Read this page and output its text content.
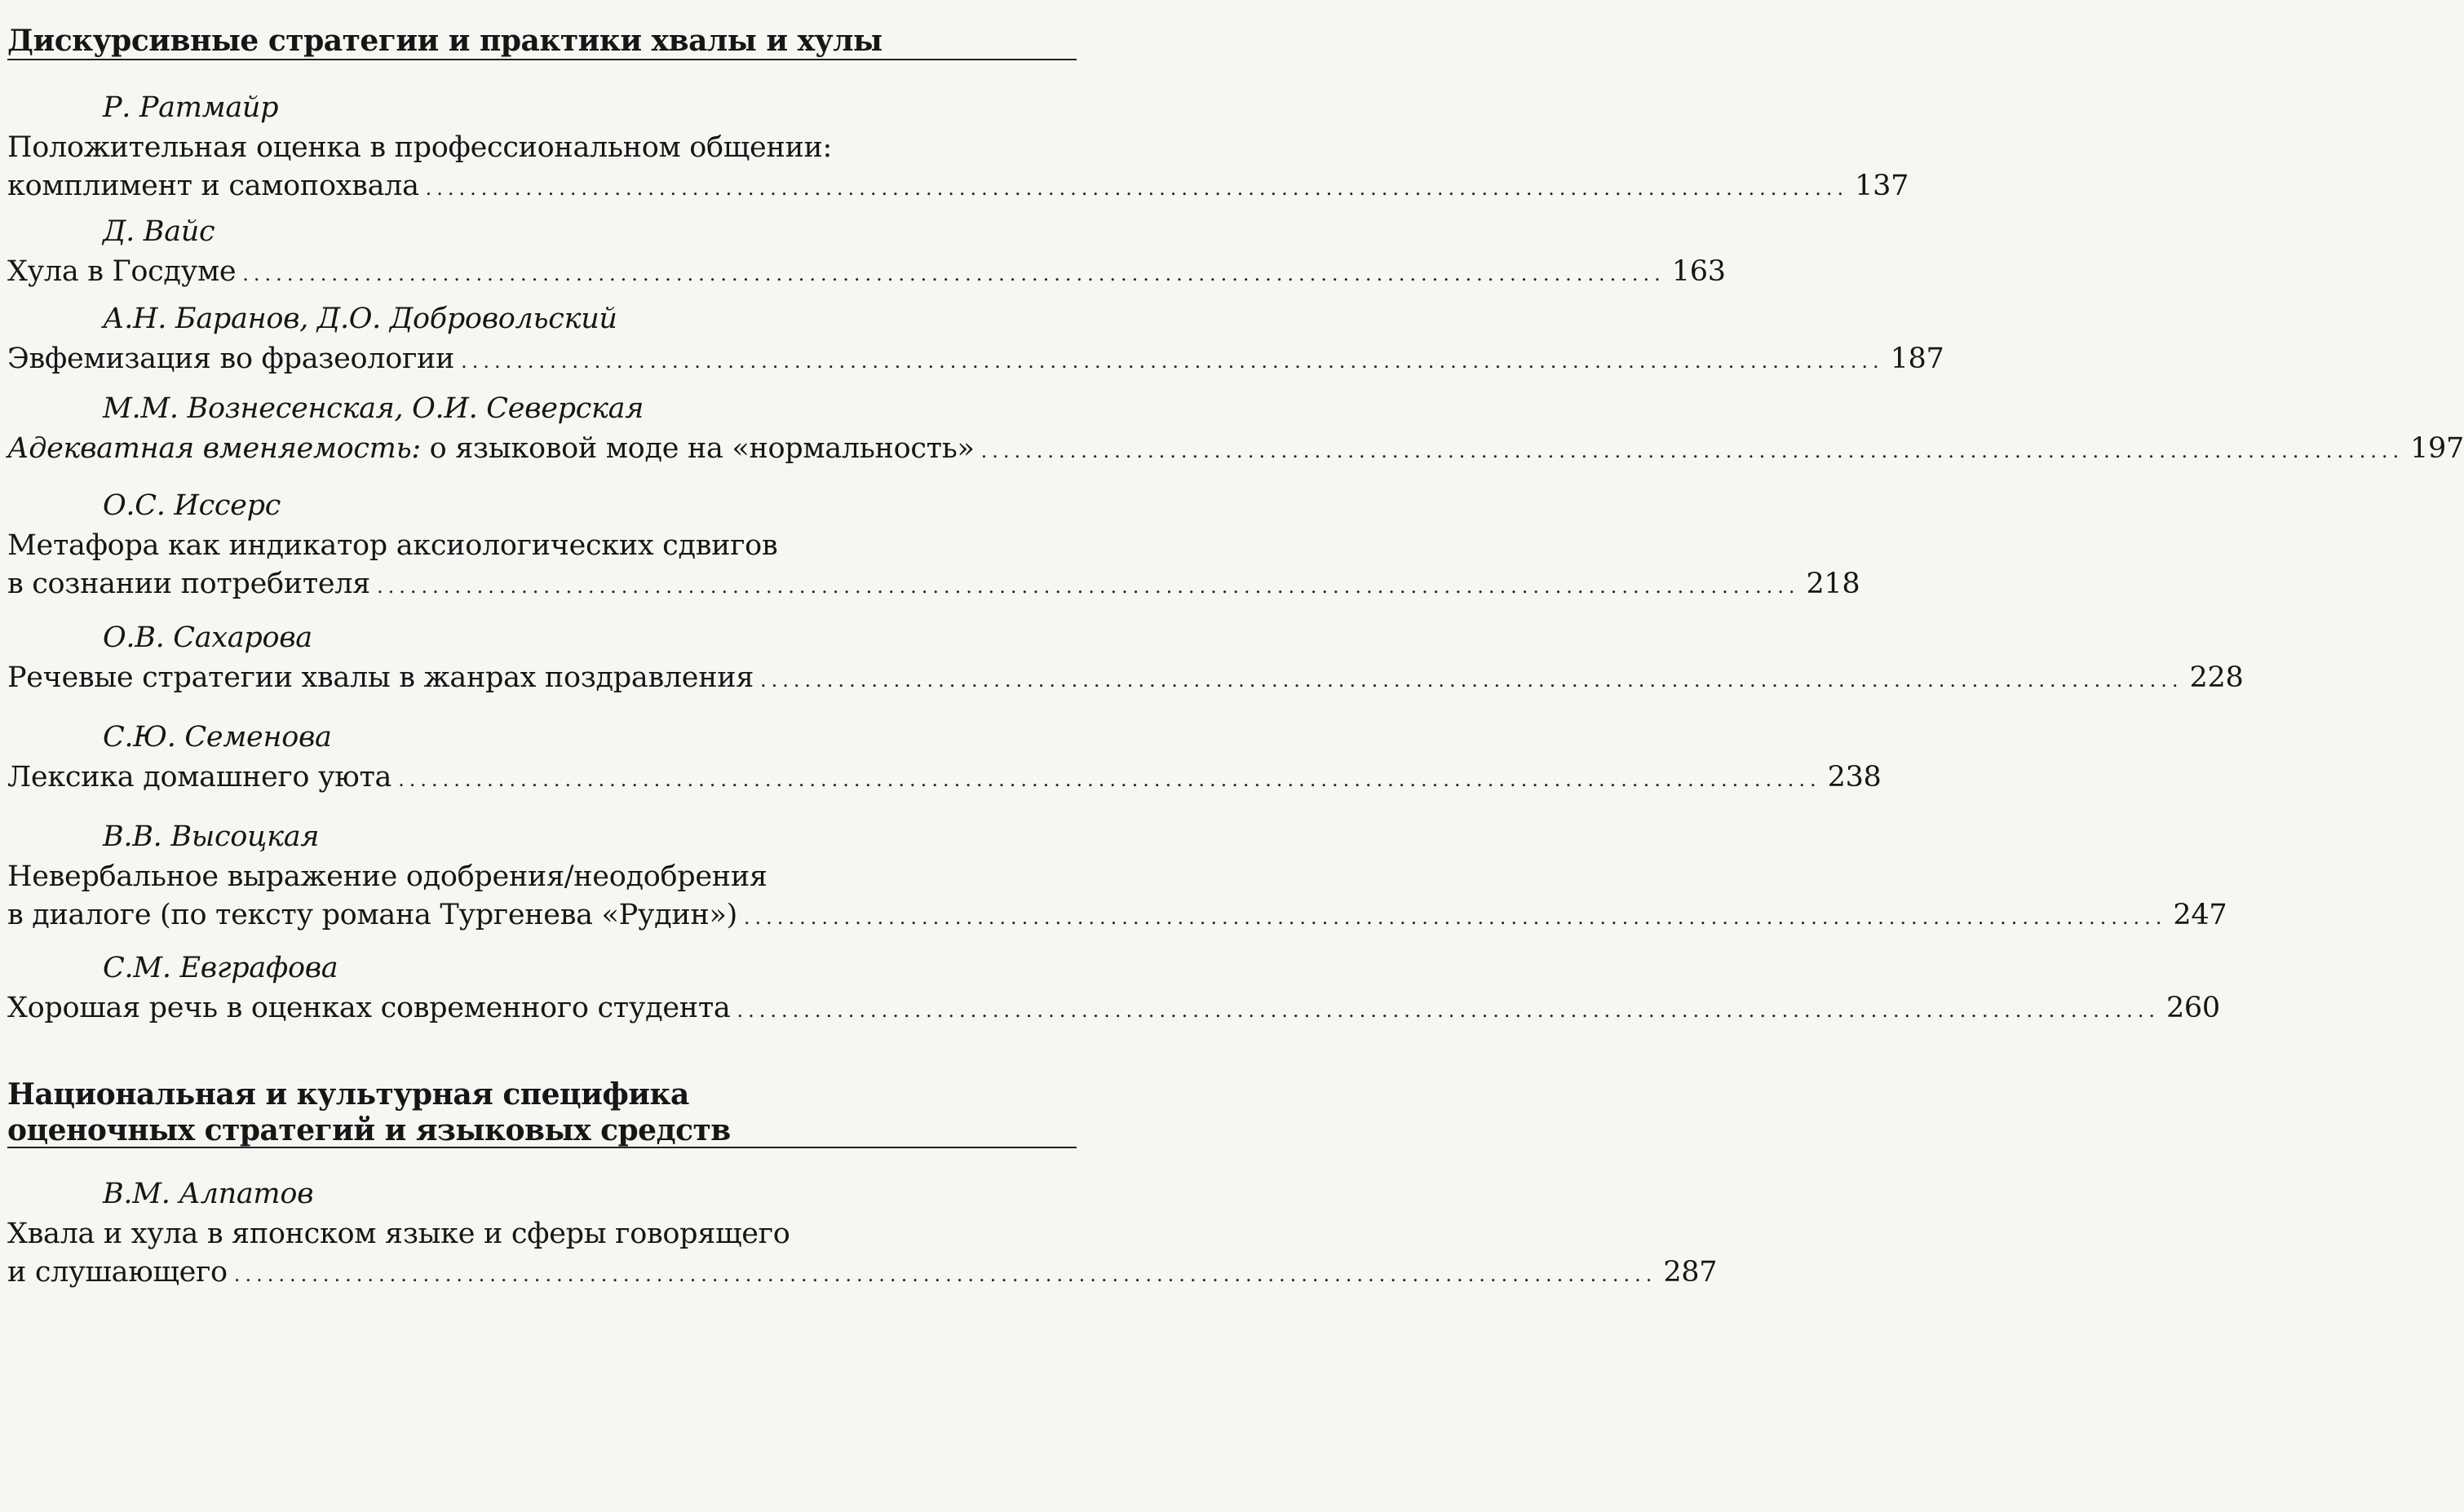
Дискурсивные стратегии и практики хвалы и хулы

Р. Ратмайр

Положительная оценка в профессиональном общении:

комплимент и самопохвала ................................................................................................................................ 137

Д. Вайс

Хула в Госдуме ................................................................................................................................ 163

А.Н. Баранов, Д.О. Добровольский

Эвфемизация во фразеологии ................................................................................................................................ 187

М.М. Вознесенская, О.И. Северская

Адекватная вменяемость: о языковой моде на «нормальность» ................................................................................................................................ 197

О.С. Иссерс

Метафора как индикатор аксиологических сдвигов

в сознании потребителя ................................................................................................................................ 218

О.В. Сахарова

Речевые стратегии хвалы в жанрах поздравления ................................................................................................................................ 228

С.Ю. Семенова

Лексика домашнего уюта ................................................................................................................................ 238

В.В. Высоцкая

Невербальное выражение одобрения/неодобрения

в диалоге (по тексту романа Тургенева «Рудин») ................................................................................................................................ 247

С.М. Евграфова

Хорошая речь в оценках современного студента ................................................................................................................................ 260

Национальная и культурная специфика

оценочных стратегий и языковых средств

В.М. Алпатов

Хвала и хула в японском языке и сферы говорящего

и слушающего ................................................................................................................................ 287
